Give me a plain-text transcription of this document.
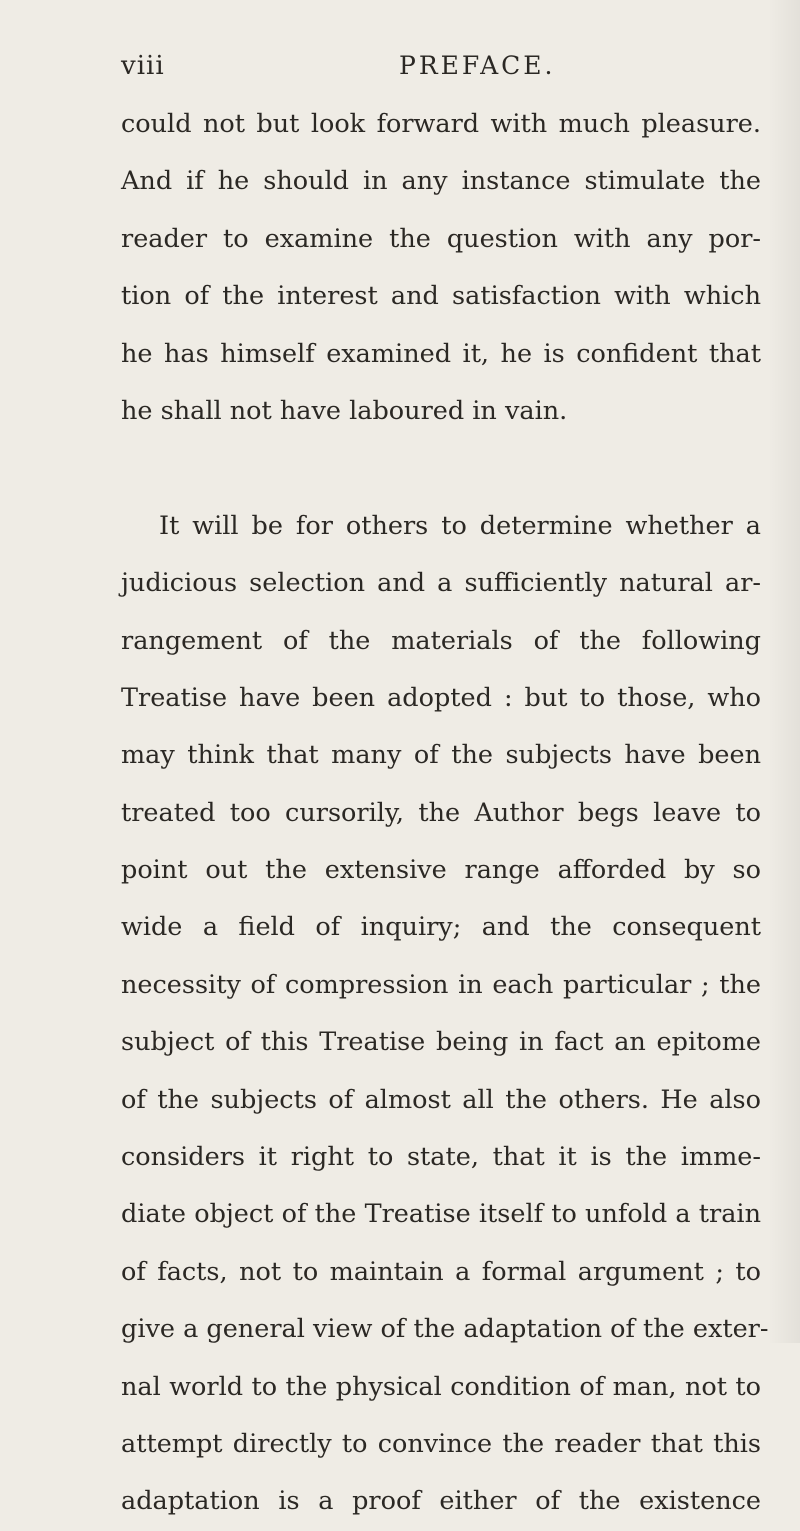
viii	PREFACE.
could not but look forward with much pleasure.
And if he should in any instance stimulate the
reader to examine the question with any por-
tion of the interest and satisfaction with which
he has himself examined it, he is confident that
he shall not have laboured in vain.
It will be for others to determine whether a
judicious selection and a sufficiently natural ar-
rangement of the materials of the following
Treatise have been adopted : but to those, who
may think that many of the subjects have been
treated too cursorily, the Author begs leave to
point out the extensive range afforded by so
wide a field of inquiry; and the consequent
necessity of compression in each particular ; the
subject of this Treatise being in fact an epitome
of the subjects of almost all the others. He also
considers it right to state, that it is the imme-
diate object of the Treatise itself to unfold a train
of facts, not to maintain a formal argument ; to
give a general view of the adaptation of the exter-
nal world to the physical condition of man, not to
attempt directly to convince the reader that this
adaptation is a proof either of the existence
